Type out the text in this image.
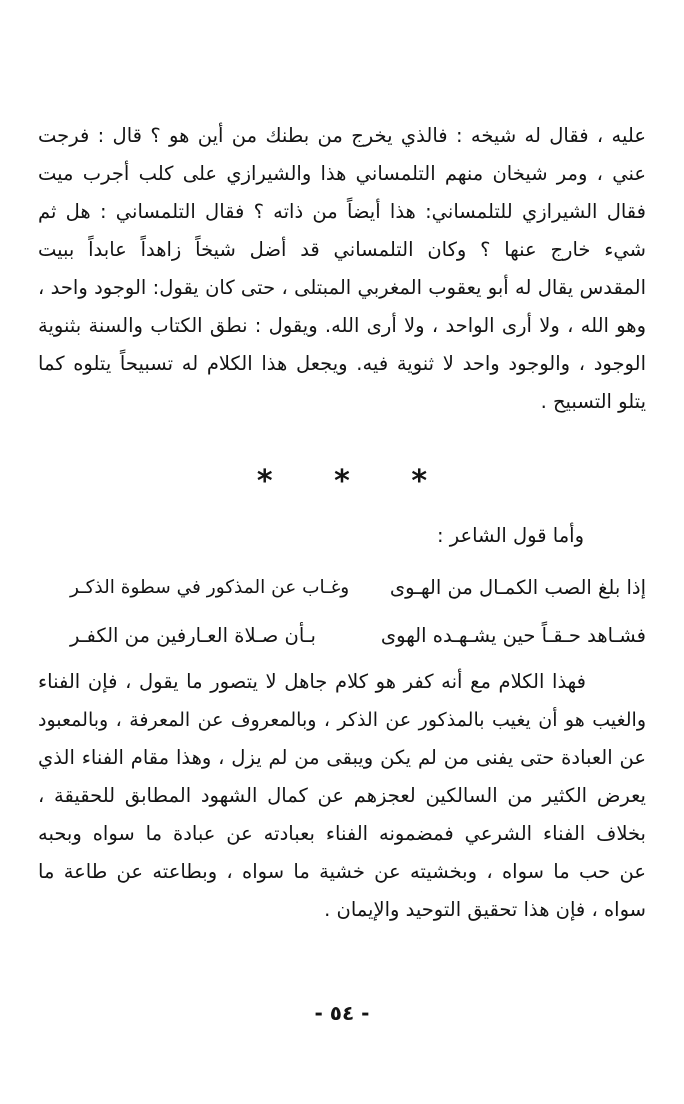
عليه ، فقال له شيخه : فالذي يخرج من بطنك من أين هو ؟ قال : فرجت
عني ، ومر شيخان منهم التلمساني هذا والشيرازي على كلب أجرب ميت
فقال الشيرازي للتلمساني: هذا أيضاً من ذاته ؟ فقال التلمساني : هل ثم
شيء خارج عنها ؟ وكان التلمساني قد أضل شيخاً زاهداً عابداً ببيت
المقدس يقال له أبو يعقوب المغربي المبتلى ، حتى كان يقول: الوجود واحد ،
وهو الله ، ولا أرى الواحد ، ولا أرى الله. ويقول : نطق الكتاب والسنة بثنوية
الوجود ، والوجود واحد لا ثنوية فيه. ويجعل هذا الكلام له تسبيحاً يتلوه كما
يتلو التسبيح .
* * *
وأما قول الشاعر :
إذا بلغ الصب الكمـال من الهـوى
وغـاب عن المذكور في سطوة الذكـر
فشـاهد حـقـاً حين يشـهـده الهوى
بـأن صـلاة العـارفين من الكفـر
فهذا الكلام مع أنه كفر هو كلام جاهل لا يتصور ما يقول ، فإن الفناء
والغيب هو أن يغيب بالمذكور عن الذكر ، وبالمعروف عن المعرفة ، وبالمعبود
عن العبادة حتى يفنى من لم يكن ويبقى من لم يزل ، وهذا مقام الفناء الذي
يعرض الكثير من السالكين لعجزهم عن كمال الشهود المطابق للحقيقة ،
بخلاف الفناء الشرعي فمضمونه الفناء بعبادته عن عبادة ما سواه وبحبه
عن حب ما سواه ، وبخشيته عن خشية ما سواه ، وبطاعته عن طاعة ما
سواه ، فإن هذا تحقيق التوحيد والإيمان .
- ٥٤ -
